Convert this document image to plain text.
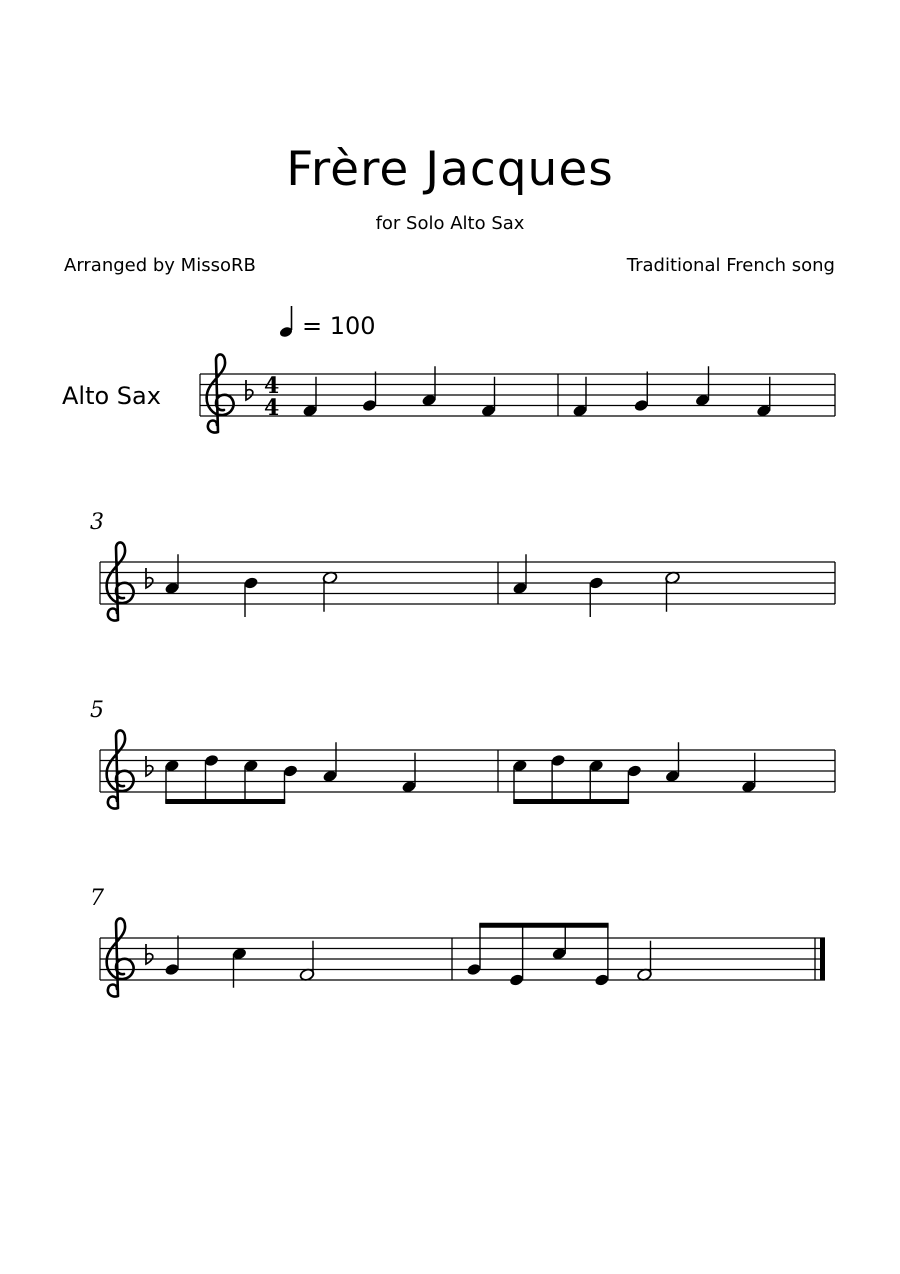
Frère Jacques
for Solo Alto Sax
Arranged by MissoRB	Traditional French song
= 100
Alto Sax
3
5
7
4
4
